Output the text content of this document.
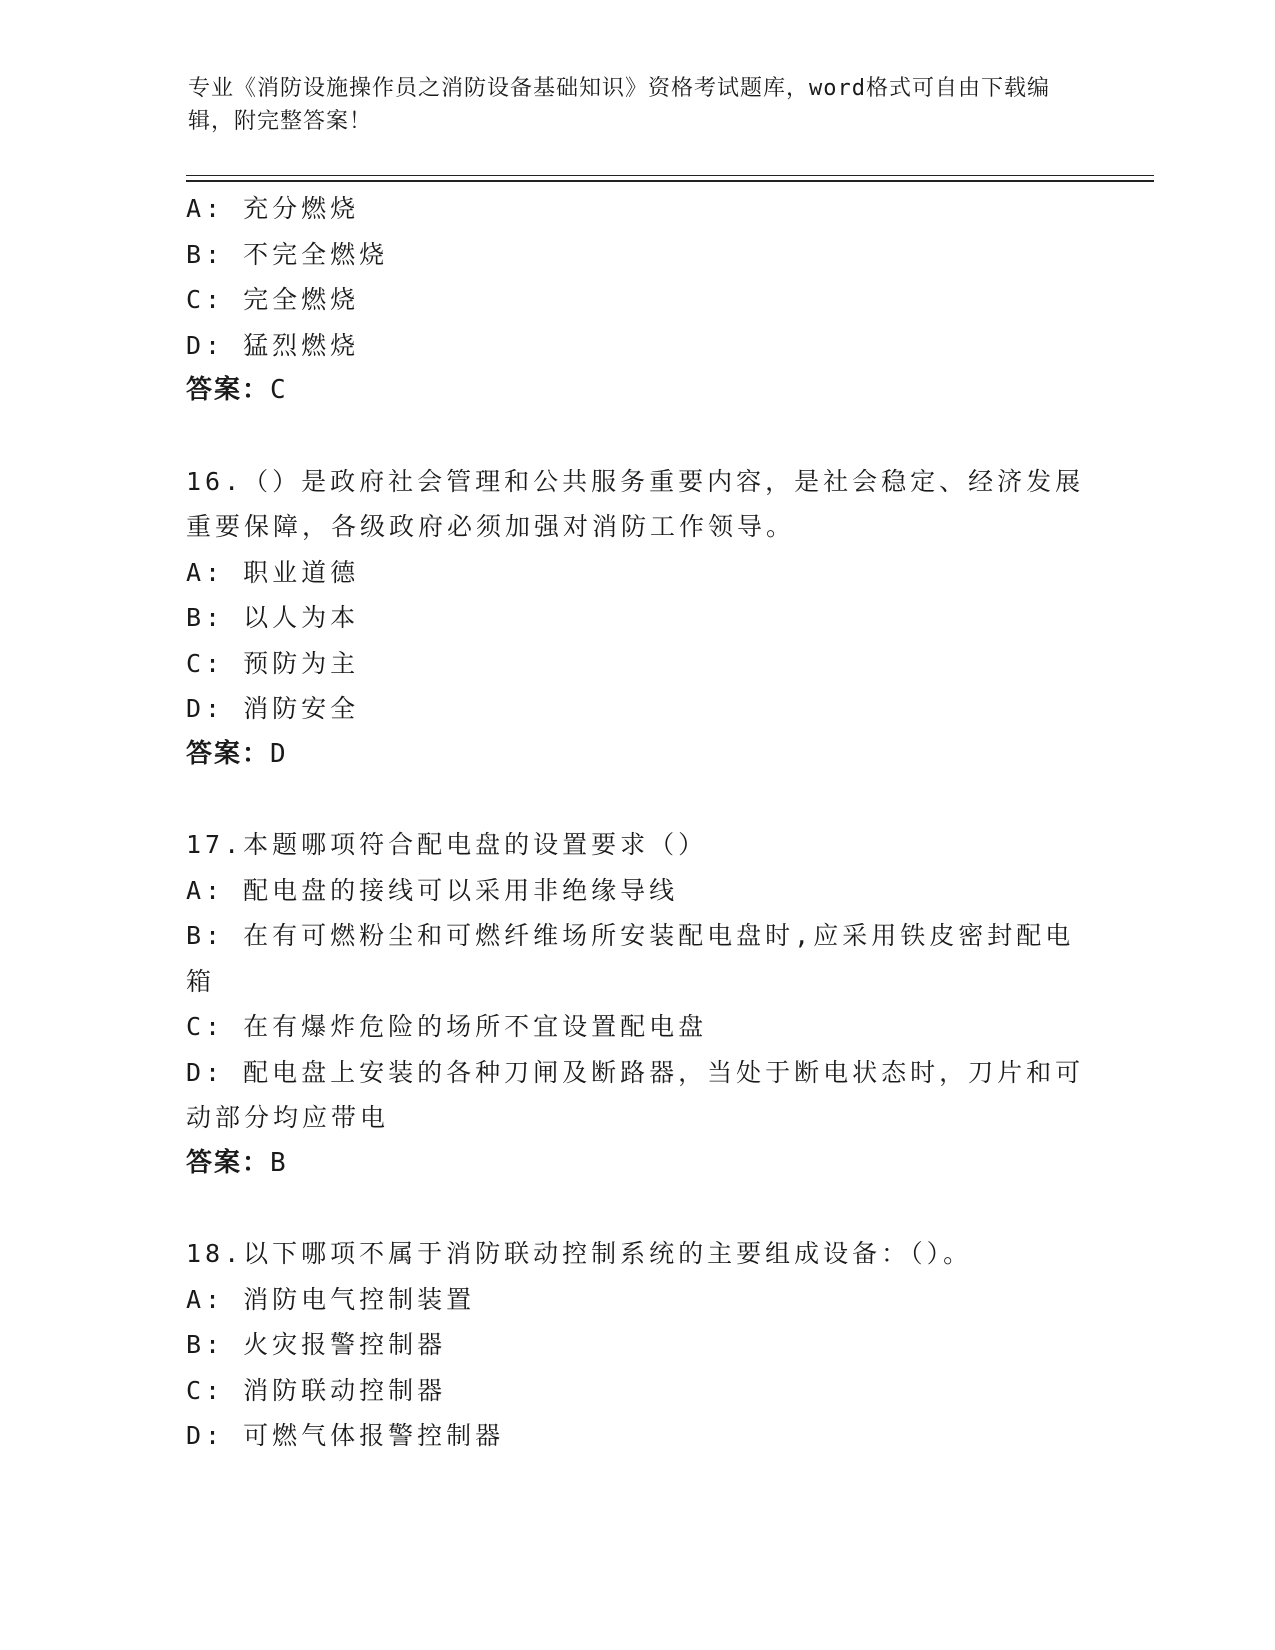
专业《消防设施操作员之消防设备基础知识》资格考试题库，word格式可自由下载编辑，附完整答案！
A: 充分燃烧
B: 不完全燃烧
C: 完全燃烧
D: 猛烈燃烧
答案：C
16.（）是政府社会管理和公共服务重要内容，是社会稳定、经济发展重要保障，各级政府必须加强对消防工作领导。
A: 职业道德
B: 以人为本
C: 预防为主
D: 消防安全
答案：D
17.本题哪项符合配电盘的设置要求（）
A: 配电盘的接线可以采用非绝缘导线
B: 在有可燃粉尘和可燃纤维场所安装配电盘时,应采用铁皮密封配电箱
C: 在有爆炸危险的场所不宜设置配电盘
D: 配电盘上安装的各种刀闸及断路器，当处于断电状态时，刀片和可动部分均应带电
答案：B
18.以下哪项不属于消防联动控制系统的主要组成设备：（）。
A: 消防电气控制装置
B: 火灾报警控制器
C: 消防联动控制器
D: 可燃气体报警控制器
